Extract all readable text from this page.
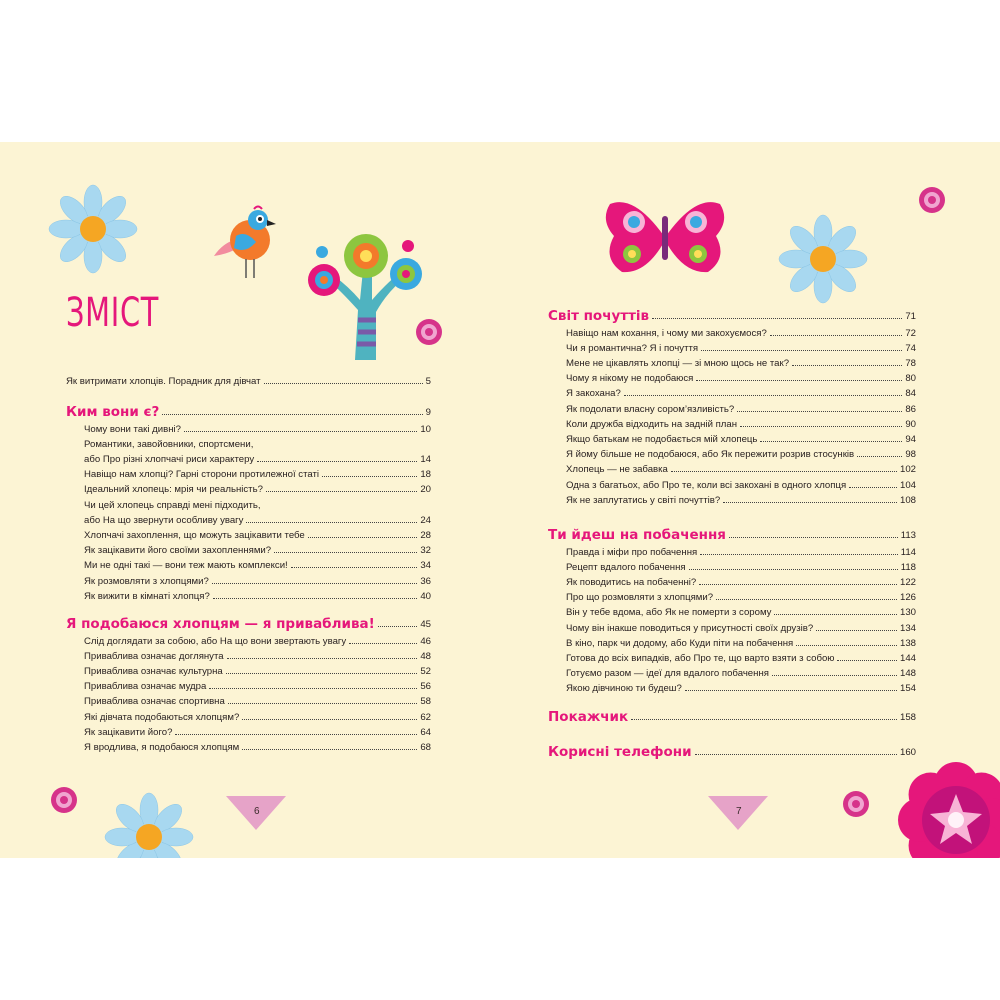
6	7
ЗМІСТ
Як витримати хлопців. Порадник для дівчат	5
Ким вони є?	9
Чому вони такі дивні?	10
Романтики, завойовники, спортсмени,
або Про різні хлопчачі риси характеру	14
Навіщо нам хлопці? Гарні сторони протилежної статі	18
Ідеальний хлопець: мрія чи реальність?	20
Чи цей хлопець справді мені підходить,
або На що звернути особливу увагу	24
Хлопчачі захоплення, що можуть зацікавити тебе	28
Як зацікавити його своїми захопленнями?	32
Ми не одні такі — вони теж мають комплекси!	34
Як розмовляти з хлопцями?	36
Як вижити в кімнаті хлопця?	40
Я подобаюся хлопцям — я приваблива!	45
Слід доглядати за собою, або На що вони звертають увагу	46
Приваблива означає доглянута	48
Приваблива означає культурна	52
Приваблива означає мудра	56
Приваблива означає спортивна	58
Які дівчата подобаються хлопцям?	62
Як зацікавити його?	64
Я вродлива, я подобаюся хлопцям	68
Світ почуттів	71
Навіщо нам кохання, і чому ми закохуємося?	72
Чи я романтична? Я і почуття	74
Мене не цікавлять хлопці — зі мною щось не так?	78
Чому я нікому не подобаюся	80
Я закохана?	84
Як подолати власну сором’язливість?	86
Коли дружба відходить на задній план	90
Якщо батькам не подобається мій хлопець	94
Я йому більше не подобаюся, або Як пережити розрив стосунків	98
Хлопець — не забавка	102
Одна з багатьох, або Про те, коли всі закохані в одного хлопця	104
Як не заплутатись у світі почуттів?	108
Ти йдеш на побачення	113
Правда і міфи про побачення	114
Рецепт вдалого побачення	118
Як поводитись на побаченні?	122
Про що розмовляти з хлопцями?	126
Він у тебе вдома, або Як не померти з сорому	130
Чому він інакше поводиться у присутності своїх друзів?	134
В кіно, парк чи додому, або Куди піти на побачення	138
Готова до всіх випадків, або Про те, що варто взяти з собою	144
Готуємо разом — ідеї для вдалого побачення	148
Якою дівчиною ти будеш?	154
Покажчик	158
Корисні телефони	160
